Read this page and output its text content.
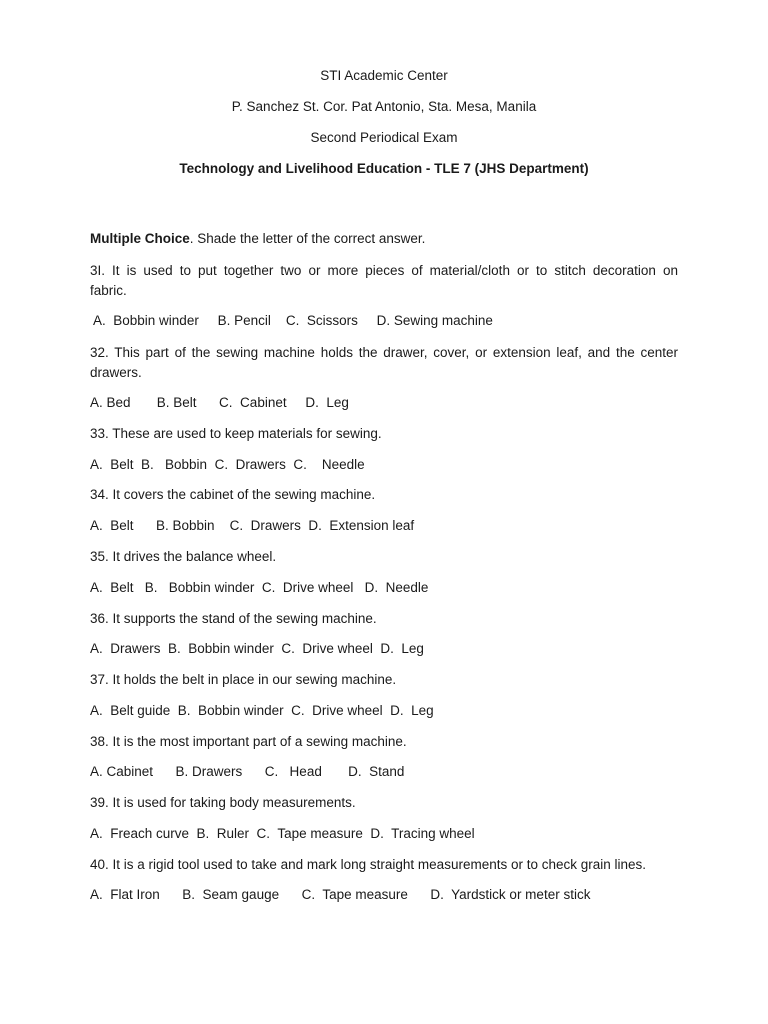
STI Academic Center
P. Sanchez St. Cor. Pat Antonio, Sta. Mesa, Manila
Second Periodical Exam
Technology and Livelihood Education - TLE 7 (JHS Department)
Multiple Choice. Shade the letter of the correct answer.
3I. It is used to put together two or more pieces of material/cloth or to stitch decoration on
fabric.
A.  Bobbin winder     B. Pencil    C.  Scissors     D. Sewing machine
32. This part of the sewing machine holds the drawer, cover, or extension leaf, and the center
drawers.
A. Bed       B. Belt      C.  Cabinet     D.  Leg
33. These are used to keep materials for sewing.
A.  Belt  B.   Bobbin  C.  Drawers  C.    Needle
34. It covers the cabinet of the sewing machine.
A.  Belt      B. Bobbin    C.  Drawers  D.  Extension leaf
35. It drives the balance wheel.
A.  Belt   B.   Bobbin winder  C.  Drive wheel   D.  Needle
36. It supports the stand of the sewing machine.
A.  Drawers  B.  Bobbin winder  C.  Drive wheel  D.  Leg
37. It holds the belt in place in our sewing machine.
A.  Belt guide  B.  Bobbin winder  C.  Drive wheel  D.  Leg
38. It is the most important part of a sewing machine.
A. Cabinet      B. Drawers      C.   Head       D.  Stand
39. It is used for taking body measurements.
A.  Freach curve  B.  Ruler  C.  Tape measure  D.  Tracing wheel
40. It is a rigid tool used to take and mark long straight measurements or to check grain lines.
A.  Flat Iron      B.  Seam gauge      C.  Tape measure      D.  Yardstick or meter stick
